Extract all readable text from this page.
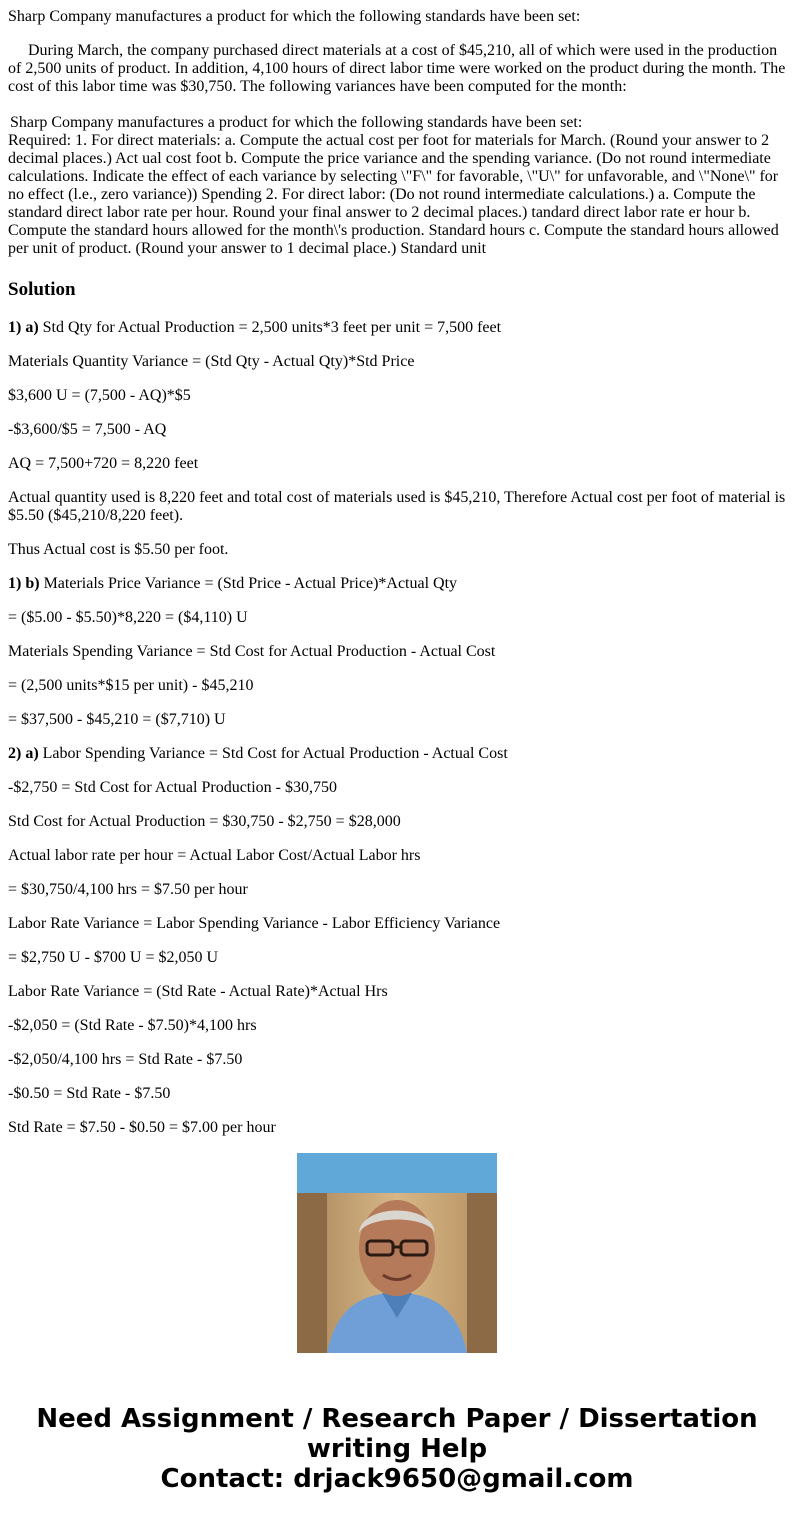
Sharp Company manufactures a product for which the following standards have been set:

During March, the company purchased direct materials at a cost of $45,210, all of which were used in the production of 2,500 units of product. In addition, 4,100 hours of direct labor time were worked on the product during the month. The cost of this labor time was $30,750. The following variances have been computed for the month:

Sharp Company manufactures a product for which the following standards have been set:

Required: 1. For direct materials: a. Compute the actual cost per foot for materials for March. (Round your answer to 2 decimal places.) Act ual cost foot b. Compute the price variance and the spending variance. (Do not round intermediate calculations. Indicate the effect of each variance by selecting \"F\" for favorable, \"U\" for unfavorable, and \"None\" for no effect (l.e., zero variance)) Spending 2. For direct labor: (Do not round intermediate calculations.) a. Compute the standard direct labor rate per hour. Round your final answer to 2 decimal places.) tandard direct labor rate er hour b. Compute the standard hours allowed for the month\'s production. Standard hours c. Compute the standard hours allowed per unit of product. (Round your answer to 1 decimal place.) Standard unit

Solution

1) a) Std Qty for Actual Production = 2,500 units*3 feet per unit = 7,500 feet

Materials Quantity Variance = (Std Qty - Actual Qty)*Std Price

$3,600 U = (7,500 - AQ)*$5

-$3,600/$5 = 7,500 - AQ

AQ = 7,500+720 = 8,220 feet

Actual quantity used is 8,220 feet and total cost of materials used is $45,210, Therefore Actual cost per foot of material is $5.50 ($45,210/8,220 feet).

Thus Actual cost is $5.50 per foot.

1) b) Materials Price Variance = (Std Price - Actual Price)*Actual Qty

= ($5.00 - $5.50)*8,220 = ($4,110) U

Materials Spending Variance = Std Cost for Actual Production - Actual Cost

= (2,500 units*$15 per unit) - $45,210

= $37,500 - $45,210 = ($7,710) U

2) a) Labor Spending Variance = Std Cost for Actual Production - Actual Cost

-$2,750 = Std Cost for Actual Production - $30,750

Std Cost for Actual Production = $30,750 - $2,750 = $28,000

Actual labor rate per hour = Actual Labor Cost/Actual Labor hrs

= $30,750/4,100 hrs = $7.50 per hour

Labor Rate Variance = Labor Spending Variance - Labor Efficiency Variance

= $2,750 U - $700 U = $2,050 U

Labor Rate Variance = (Std Rate - Actual Rate)*Actual Hrs

-$2,050 = (Std Rate - $7.50)*4,100 hrs

-$2,050/4,100 hrs = Std Rate - $7.50

-$0.50 = Std Rate - $7.50

Std Rate = $7.50 - $0.50 = $7.00 per hour

Need Assignment / Research Paper / Dissertation
writing Help
Contact: drjack9650@gmail.com
